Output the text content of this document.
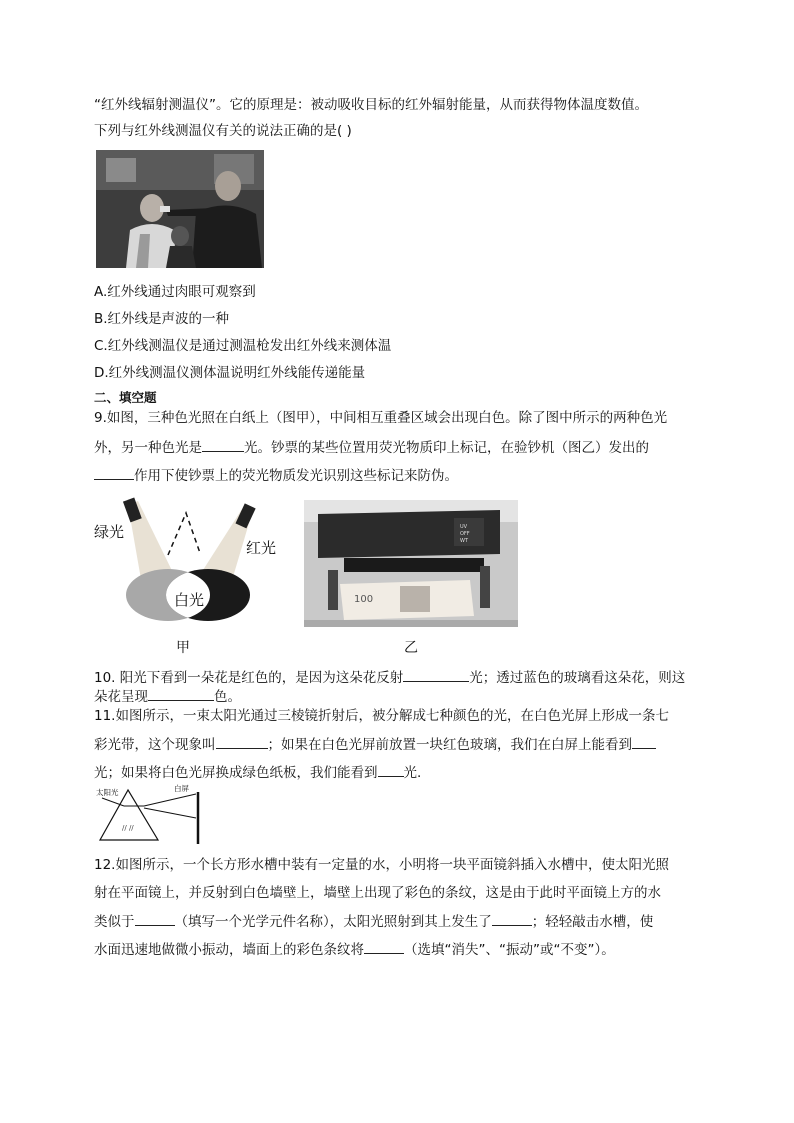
“红外线辐射测温仪”。它的原理是：被动吸收目标的红外辐射能量，从而获得物体温度数值。
下列与红外线测温仪有关的说法正确的是( )
A.红外线通过肉眼可观察到
B.红外线是声波的一种
C.红外线测温仪是通过测温枪发出红外线来测体温
D.红外线测温仪测体温说明红外线能传递能量
二、填空题
9.如图，三种色光照在白纸上（图甲），中间相互重叠区域会出现白色。除了图中所示的两种色光
外，另一种色光是	光。钞票的某些位置用荧光物质印上标记，在验钞机（图乙）发出的
作用下使钞票上的荧光物质发光识别这些标记来防伪。
绿光
红光
白光
甲
UV
OFF
WT
100
乙
10. 阳光下看到一朵花是红色的，是因为这朵花反射	光；透过蓝色的玻璃看这朵花，则这
朵花呈现	色。
11.如图所示，一束太阳光通过三棱镜折射后，被分解成七种颜色的光，在白色光屏上形成一条七
彩光带，这个现象叫	；如果在白色光屏前放置一块红色玻璃，我们在白屏上能看到
光；如果将白色光屏换成绿色纸板，我们能看到 光.
太阳光	白屏
// //
12.如图所示，一个长方形水槽中装有一定量的水，小明将一块平面镜斜插入水槽中，使太阳光照
射在平面镜上，并反射到白色墙壁上，墙壁上出现了彩色的条纹，这是由于此时平面镜上方的水
类似于	（填写一个光学元件名称），太阳光照射到其上发生了	；轻轻敲击水槽，使
水面迅速地做微小振动，墙面上的彩色条纹将	（选填“消失”、“振动”或“不变”）。
